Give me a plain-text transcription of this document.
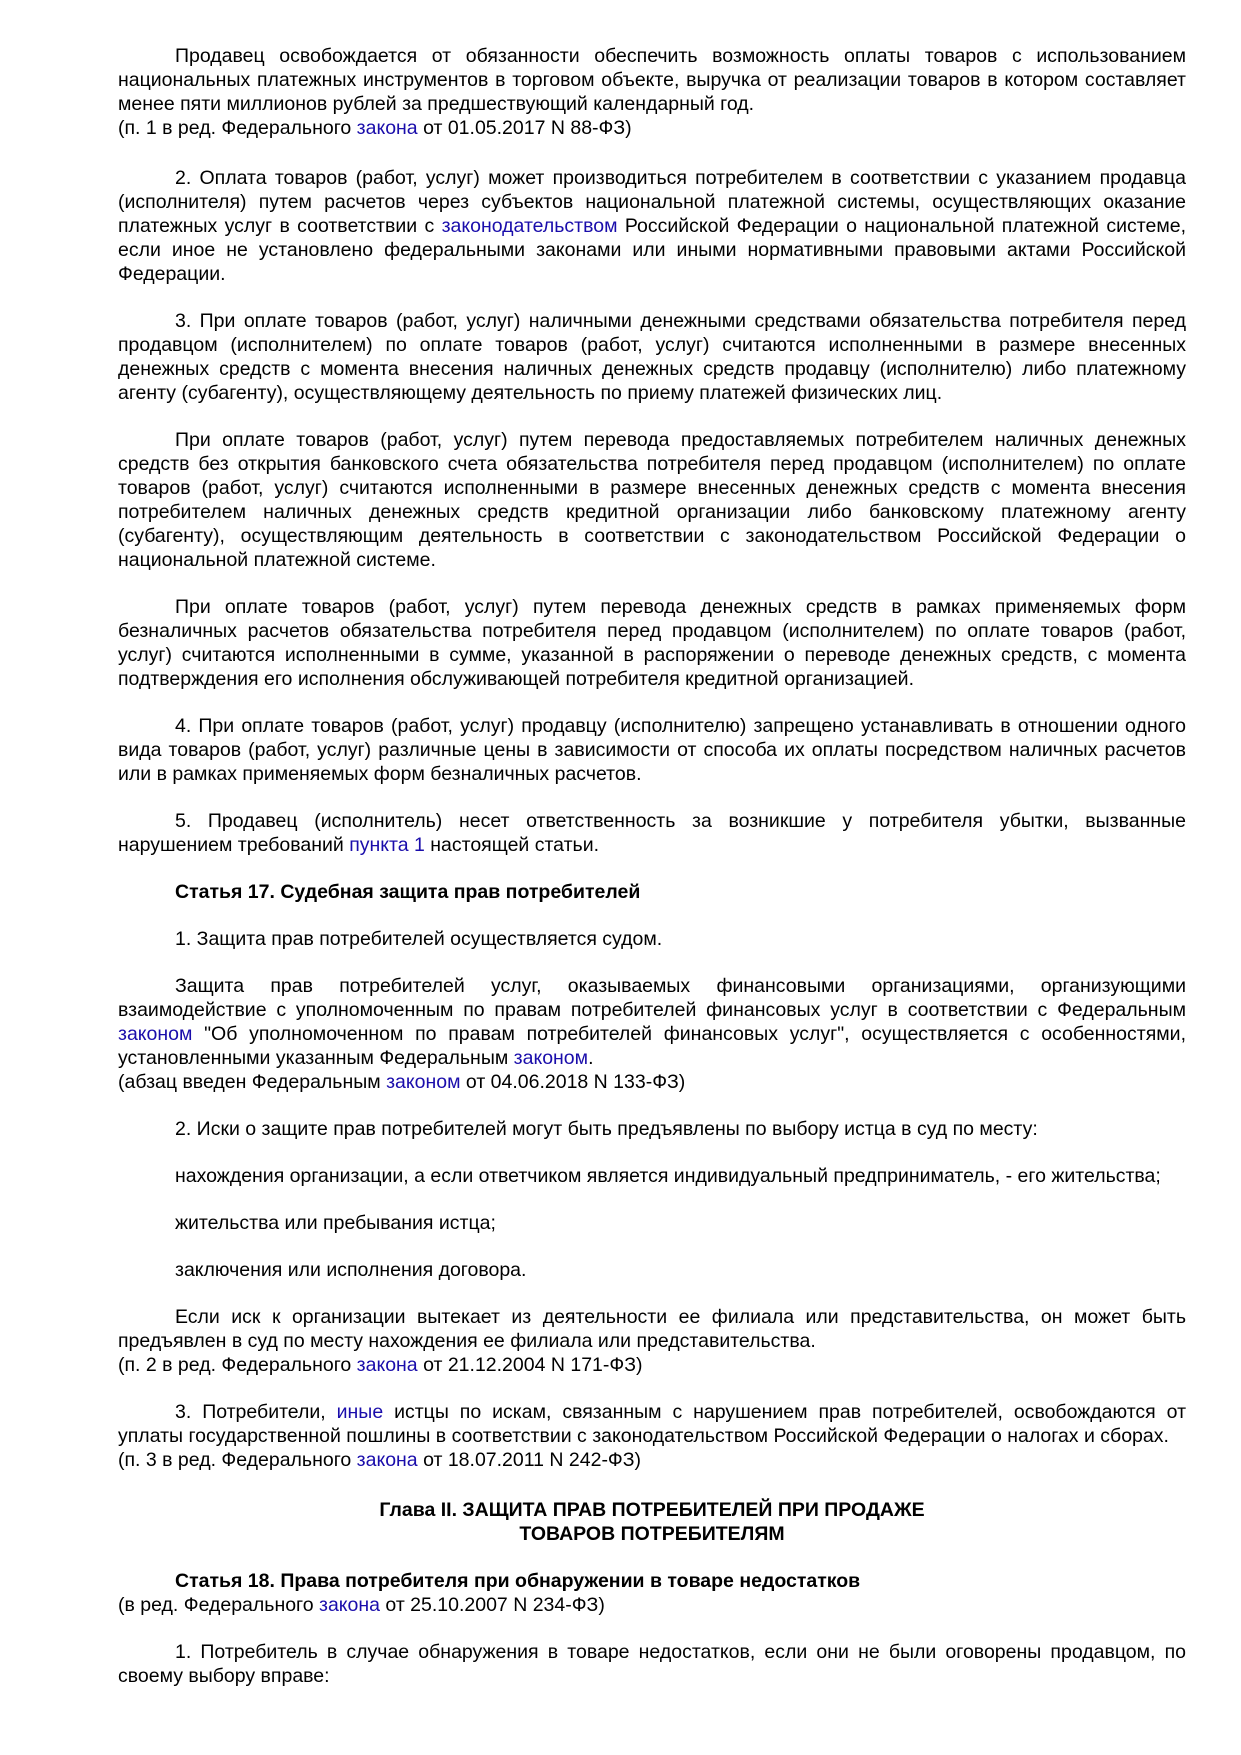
Продавец освобождается от обязанности обеспечить возможность оплаты товаров с использованием национальных платежных инструментов в торговом объекте, выручка от реализации товаров в котором составляет менее пяти миллионов рублей за предшествующий календарный год.

(п. 1 в ред. Федерального закона от 01.05.2017 N 88-ФЗ)

2. Оплата товаров (работ, услуг) может производиться потребителем в соответствии с указанием продавца (исполнителя) путем расчетов через субъектов национальной платежной системы, осуществляющих оказание платежных услуг в соответствии с законодательством Российской Федерации о национальной платежной системе, если иное не установлено федеральными законами или иными нормативными правовыми актами Российской Федерации.

3. При оплате товаров (работ, услуг) наличными денежными средствами обязательства потребителя перед продавцом (исполнителем) по оплате товаров (работ, услуг) считаются исполненными в размере внесенных денежных средств с момента внесения наличных денежных средств продавцу (исполнителю) либо платежному агенту (субагенту), осуществляющему деятельность по приему платежей физических лиц.

При оплате товаров (работ, услуг) путем перевода предоставляемых потребителем наличных денежных средств без открытия банковского счета обязательства потребителя перед продавцом (исполнителем) по оплате товаров (работ, услуг) считаются исполненными в размере внесенных денежных средств с момента внесения потребителем наличных денежных средств кредитной организации либо банковскому платежному агенту (субагенту), осуществляющим деятельность в соответствии с законодательством Российской Федерации о национальной платежной системе.

При оплате товаров (работ, услуг) путем перевода денежных средств в рамках применяемых форм безналичных расчетов обязательства потребителя перед продавцом (исполнителем) по оплате товаров (работ, услуг) считаются исполненными в сумме, указанной в распоряжении о переводе денежных средств, с момента подтверждения его исполнения обслуживающей потребителя кредитной организацией.

4. При оплате товаров (работ, услуг) продавцу (исполнителю) запрещено устанавливать в отношении одного вида товаров (работ, услуг) различные цены в зависимости от способа их оплаты посредством наличных расчетов или в рамках применяемых форм безналичных расчетов.

5. Продавец (исполнитель) несет ответственность за возникшие у потребителя убытки, вызванные нарушением требований пункта 1 настоящей статьи.

Статья 17. Судебная защита прав потребителей

1. Защита прав потребителей осуществляется судом.

Защита прав потребителей услуг, оказываемых финансовыми организациями, организующими взаимодействие с уполномоченным по правам потребителей финансовых услуг в соответствии с Федеральным законом "Об уполномоченном по правам потребителей финансовых услуг", осуществляется с особенностями, установленными указанным Федеральным законом.

(абзац введен Федеральным законом от 04.06.2018 N 133-ФЗ)

2. Иски о защите прав потребителей могут быть предъявлены по выбору истца в суд по месту:

нахождения организации, а если ответчиком является индивидуальный предприниматель, - его жительства;

жительства или пребывания истца;

заключения или исполнения договора.

Если иск к организации вытекает из деятельности ее филиала или представительства, он может быть предъявлен в суд по месту нахождения ее филиала или представительства.

(п. 2 в ред. Федерального закона от 21.12.2004 N 171-ФЗ)

3. Потребители, иные истцы по искам, связанным с нарушением прав потребителей, освобождаются от уплаты государственной пошлины в соответствии с законодательством Российской Федерации о налогах и сборах.

(п. 3 в ред. Федерального закона от 18.07.2011 N 242-ФЗ)

Глава II. ЗАЩИТА ПРАВ ПОТРЕБИТЕЛЕЙ ПРИ ПРОДАЖЕ

ТОВАРОВ ПОТРЕБИТЕЛЯМ

Статья 18. Права потребителя при обнаружении в товаре недостатков

(в ред. Федерального закона от 25.10.2007 N 234-ФЗ)

1. Потребитель в случае обнаружения в товаре недостатков, если они не были оговорены продавцом, по своему выбору вправе:
